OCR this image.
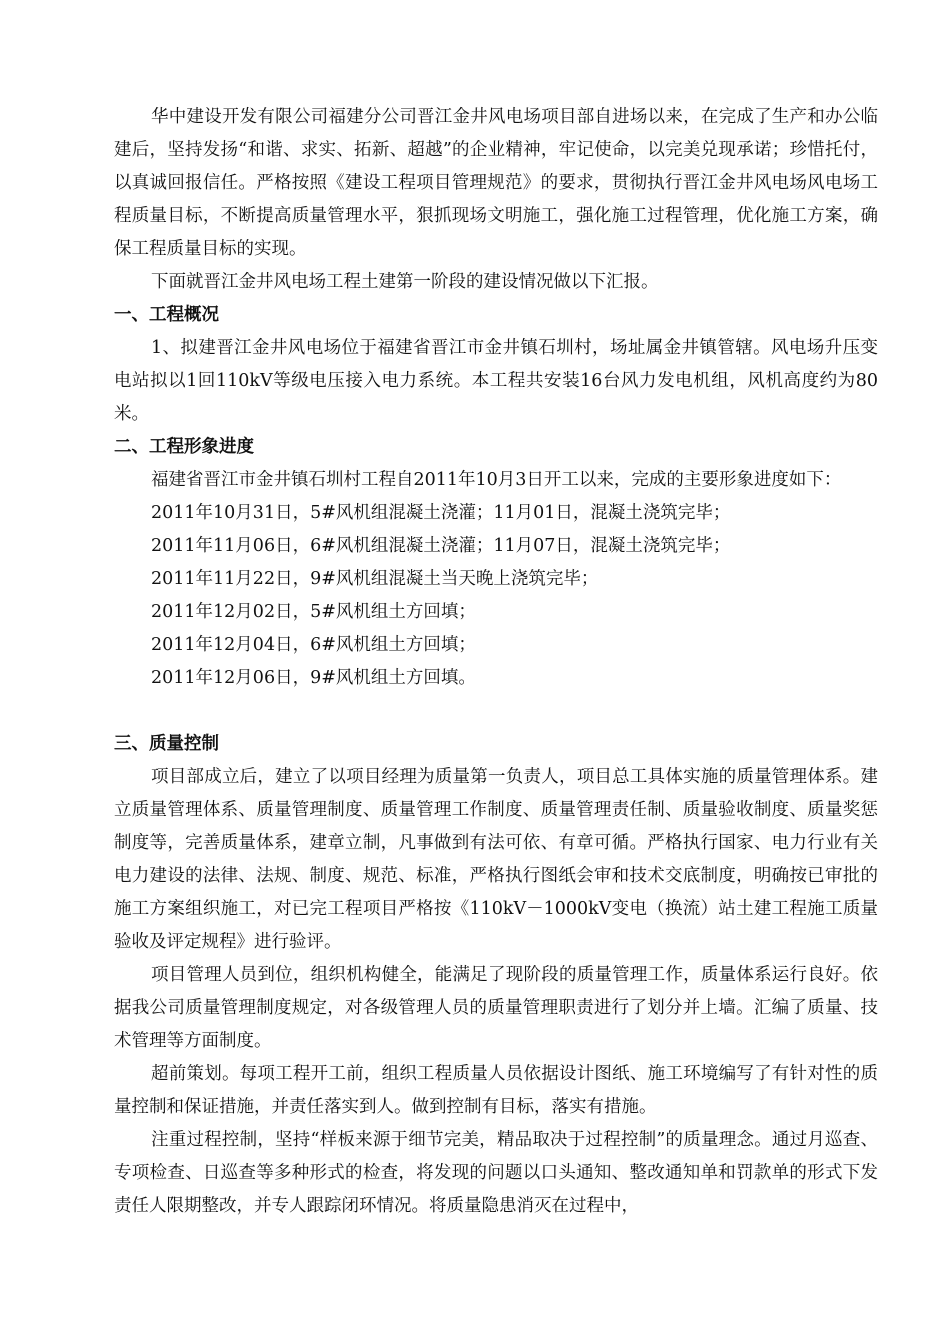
华中建设开发有限公司福建分公司晋江金井风电场项目部自进场以来，在完成了生产和办公临建后，坚持发扬“和谐、求实、拓新、超越”的企业精神，牢记使命，以完美兑现承诺；珍惜托付，以真诚回报信任。严格按照《建设工程项目管理规范》的要求，贯彻执行晋江金井风电场风电场工程质量目标，不断提高质量管理水平，狠抓现场文明施工，强化施工过程管理，优化施工方案，确保工程质量目标的实现。

下面就晋江金井风电场工程土建第一阶段的建设情况做以下汇报。

一、工程概况

1、拟建晋江金井风电场位于福建省晋江市金井镇石圳村，场址属金井镇管辖。风电场升压变电站拟以1回110kV等级电压接入电力系统。本工程共安装16台风力发电机组，风机高度约为80米。

二、工程形象进度

福建省晋江市金井镇石圳村工程自2011年10月3日开工以来，完成的主要形象进度如下：

2011年10月31日，5#风机组混凝土浇灌；11月01日，混凝土浇筑完毕；

2011年11月06日，6#风机组混凝土浇灌；11月07日，混凝土浇筑完毕；

2011年11月22日，9#风机组混凝土当天晚上浇筑完毕；

2011年12月02日，5#风机组土方回填；

2011年12月04日，6#风机组土方回填；

2011年12月06日，9#风机组土方回填。

三、质量控制

项目部成立后，建立了以项目经理为质量第一负责人，项目总工具体实施的质量管理体系。建立质量管理体系、质量管理制度、质量管理工作制度、质量管理责任制、质量验收制度、质量奖惩制度等，完善质量体系，建章立制，凡事做到有法可依、有章可循。严格执行国家、电力行业有关电力建设的法律、法规、制度、规范、标准，严格执行图纸会审和技术交底制度，明确按已审批的施工方案组织施工，对已完工程项目严格按《110kV－1000kV变电（换流）站土建工程施工质量验收及评定规程》进行验评。

项目管理人员到位，组织机构健全，能满足了现阶段的质量管理工作，质量体系运行良好。依据我公司质量管理制度规定，对各级管理人员的质量管理职责进行了划分并上墙。汇编了质量、技术管理等方面制度。

超前策划。每项工程开工前，组织工程质量人员依据设计图纸、施工环境编写了有针对性的质量控制和保证措施，并责任落实到人。做到控制有目标，落实有措施。

注重过程控制，坚持“样板来源于细节完美，精品取决于过程控制”的质量理念。通过月巡查、专项检查、日巡查等多种形式的检查，将发现的问题以口头通知、整改通知单和罚款单的形式下发责任人限期整改，并专人跟踪闭环情况。将质量隐患消灭在过程中，
